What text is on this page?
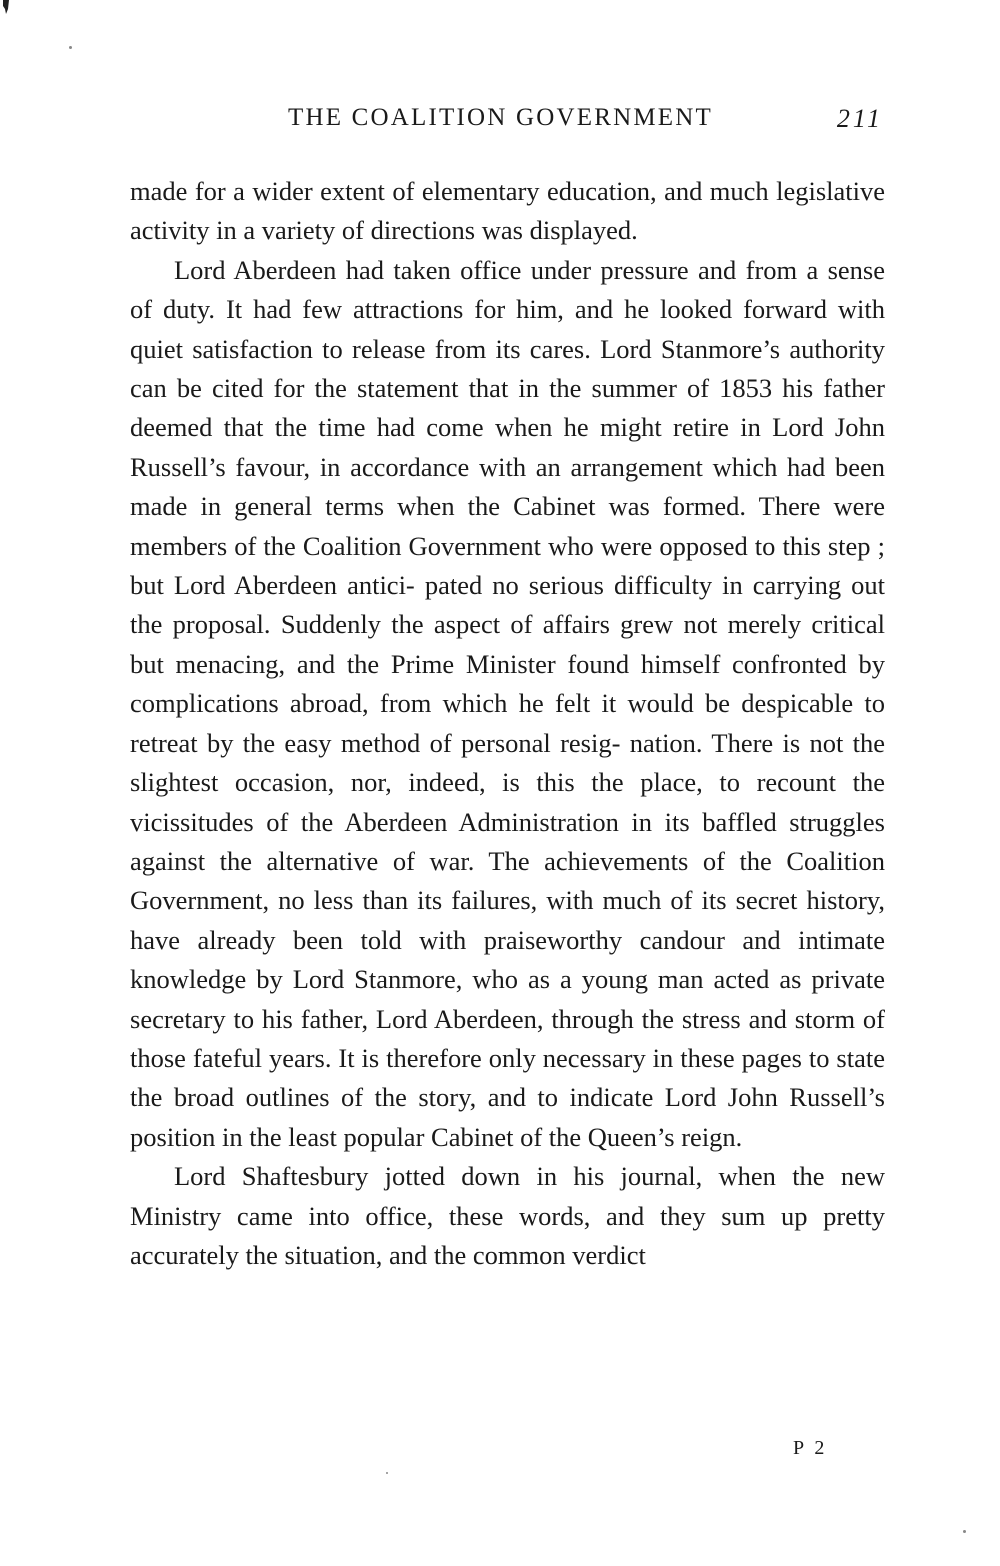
THE COALITION GOVERNMENT	211

made for a wider extent of elementary education, and much legislative activity in a variety of directions was displayed.

Lord Aberdeen had taken office under pressure and from a sense of duty. It had few attractions for him, and he looked forward with quiet satisfaction to release from its cares. Lord Stanmore’s authority can be cited for the statement that in the summer of 1853 his father deemed that the time had come when he might retire in Lord John Russell’s favour, in accordance with an arrangement which had been made in general terms when the Cabinet was formed. There were members of the Coalition Government who were opposed to this step ; but Lord Aberdeen antici- pated no serious difficulty in carrying out the proposal. Suddenly the aspect of affairs grew not merely critical but menacing, and the Prime Minister found himself confronted by complications abroad, from which he felt it would be despicable to retreat by the easy method of personal resig- nation. There is not the slightest occasion, nor, indeed, is this the place, to recount the vicissitudes of the Aberdeen Administration in its baffled struggles against the alternative of war. The achievements of the Coalition Government, no less than its failures, with much of its secret history, have already been told with praiseworthy candour and intimate knowledge by Lord Stanmore, who as a young man acted as private secretary to his father, Lord Aberdeen, through the stress and storm of those fateful years. It is therefore only necessary in these pages to state the broad outlines of the story, and to indicate Lord John Russell’s position in the least popular Cabinet of the Queen’s reign.

Lord Shaftesbury jotted down in his journal, when the new Ministry came into office, these words, and they sum up pretty accurately the situation, and the common verdict

P 2
